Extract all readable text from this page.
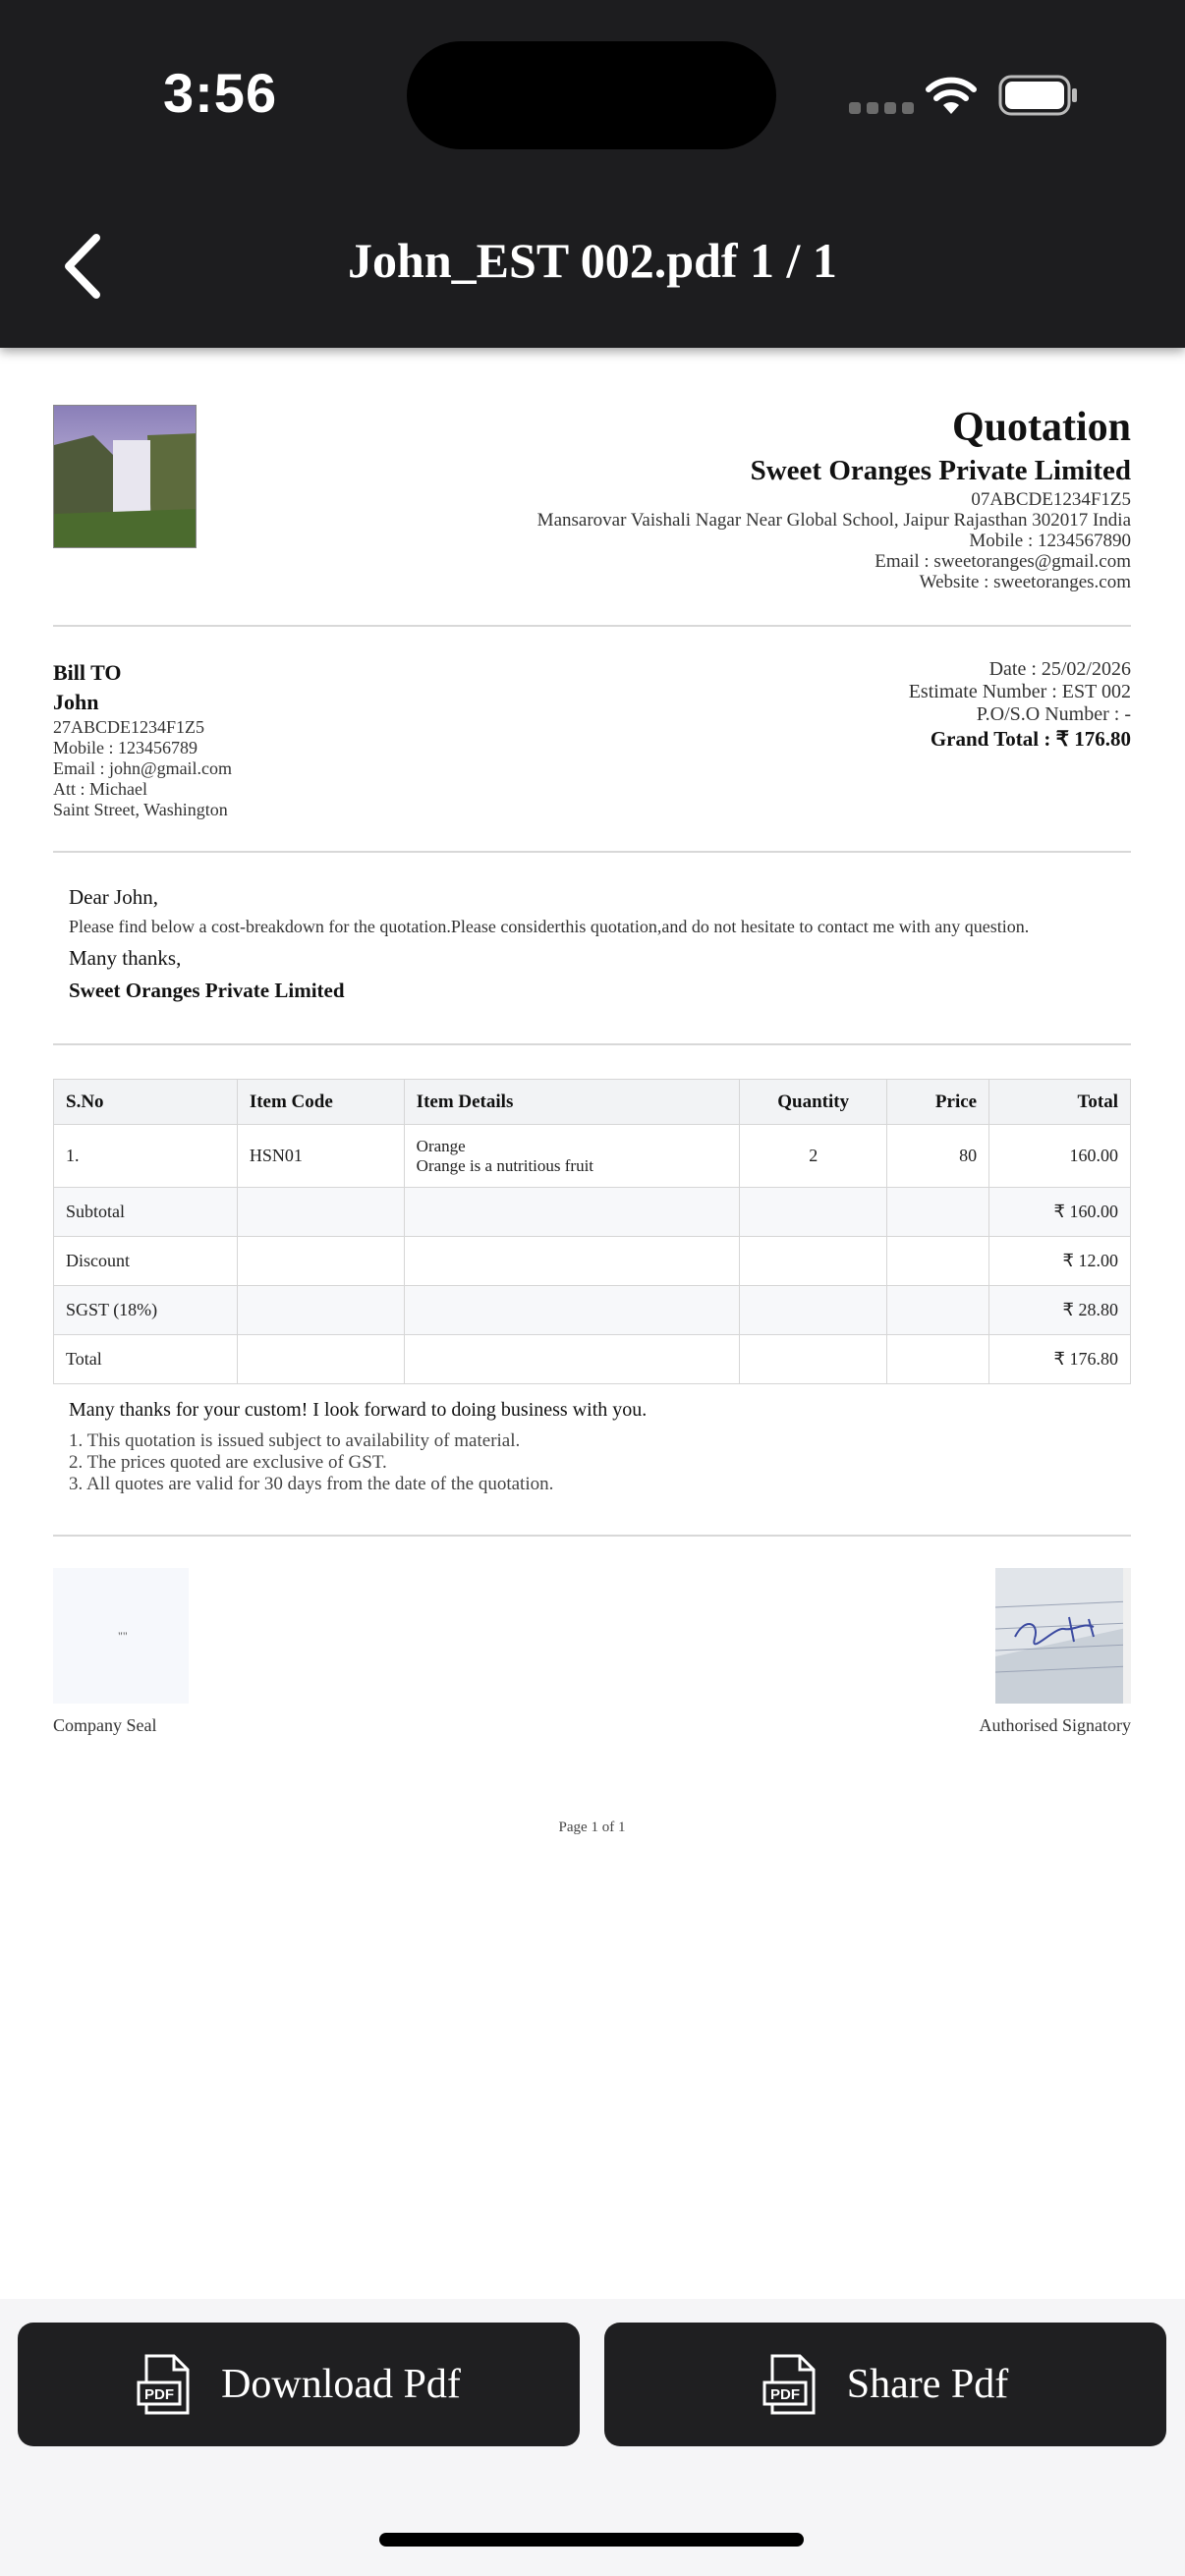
3:56
John_EST 002.pdf 1 / 1
Quotation
Sweet Oranges Private Limited
07ABCDE1234F1Z5
Mansarovar Vaishali Nagar Near Global School, Jaipur Rajasthan 302017 India
Mobile : 1234567890
Email : sweetoranges@gmail.com
Website : sweetoranges.com
Bill TO
John
27ABCDE1234F1Z5
Mobile : 123456789
Email : john@gmail.com
Att : Michael
Saint Street, Washington
Date : 25/02/2026
Estimate Number : EST 002
P.O/S.O Number : -
Grand Total : ₹ 176.80
Dear John,
Please find below a cost-breakdown for the quotation.Please considerthis quotation,and do not hesitate to contact me with any question.
Many thanks,
Sweet Oranges Private Limited
S.No	Item Code	Item Details	Quantity	Price	Total
1.	HSN01	Orange
Orange is a nutritious fruit	2	80	160.00
Subtotal					₹ 160.00
Discount					₹ 12.00
SGST (18%)					₹ 28.80
Total					₹ 176.80
Many thanks for your custom! I look forward to doing business with you.
1. This quotation is issued subject to availability of material.
2. The prices quoted are exclusive of GST.
3. All quotes are valid for 30 days from the date of the quotation.
""
Company Seal	Authorised Signatory
Page 1 of 1
PDF Download Pdf	PDF Share Pdf
